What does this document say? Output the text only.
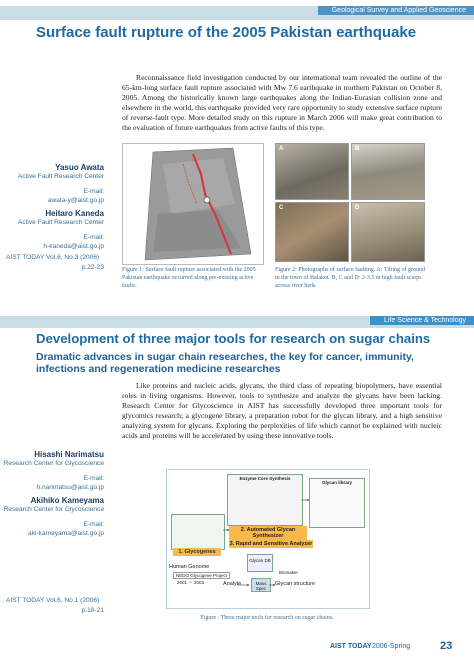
Geological Survey and Applied Geoscience
Surface fault rupture of the 2005 Pakistan earthquake
Reconnaissance field investigation conducted by our international team revealed the outline of the 65-km-long surface fault rupture associated with Mw 7.6 earthquake in northern Pakistan on October 8, 2005. Among the historically known large earthquakes along the Indian-Eurasian collision zone and elsewhere in the world, this earthquake provided very rare opportunity to study extensive surface rupture of reverse-fault type. More detailed study on this rupture in March 2006 will make great contribution to the evaluation of future earthquakes from active faults of this type.
Yasuo Awata
Active Fault Research Center
E-mail:
awata-y@aist.go.jp
Heitaro Kaneda
Active Fault Research Center
E-mail:
h-kaneda@aist.go.jp
AIST TODAY Vol.6, No.3 (2006)
p.22-23	Figure 1: Surface fault rupture associated with the 2005 Pakistan earthquake occurred along pre-existing active faults.
A	B
C	D
Figure 2: Photographs of surface faulting. A: Tilting of ground in the town of Balakot. B, C and D: 2-3.5 m high fault scarps across river beds.
Life Science & Technology
Development of three major tools for research on sugar chains
Dramatic advances in sugar chain researches, the key for cancer, immunity, infections and regeneration medicine researches
Like proteins and nucleic acids, glycans, the third class of repeating biopolymers, have essential roles in living organisms. However, tools to synthesize and analyze the glycans have been lacking. Research Center for Glycoscience in AIST has successfully developed three important tools for glycomics research; a glycogene library, a preparation robot for the glycan library, and a high sensitive analyzing system for glycans. Exploring the perplexities of life which cannot be explained with nucleic acids and proteins will be accelerated by using these innovative tools.
Hisashi Narimatsu
Research Center for Glycoscience
E-mail:
h.narimatsu@aist.go.jp
Akihiko Kameyama
Research Center for Glycoscience
E-mail:
aki-kameyama@aist.go.jp
AIST TODAY Vol.6, No.1 (2006)
p.18-21
1. Glycogenes
Human Genome
NEDO Glycogene Project
2001 〜 2003
Enzyme Core Synthesis
2. Automated Glycan Synthesizer
Glycan library
3. Rapid and Sensitive Analyzer
Glycan DB
Mass Spec
Analyte	Glycan structure
Biomaker
Figure : Three major tools for research on sugar chains.
AIST TODAY 2006-Spring	23
